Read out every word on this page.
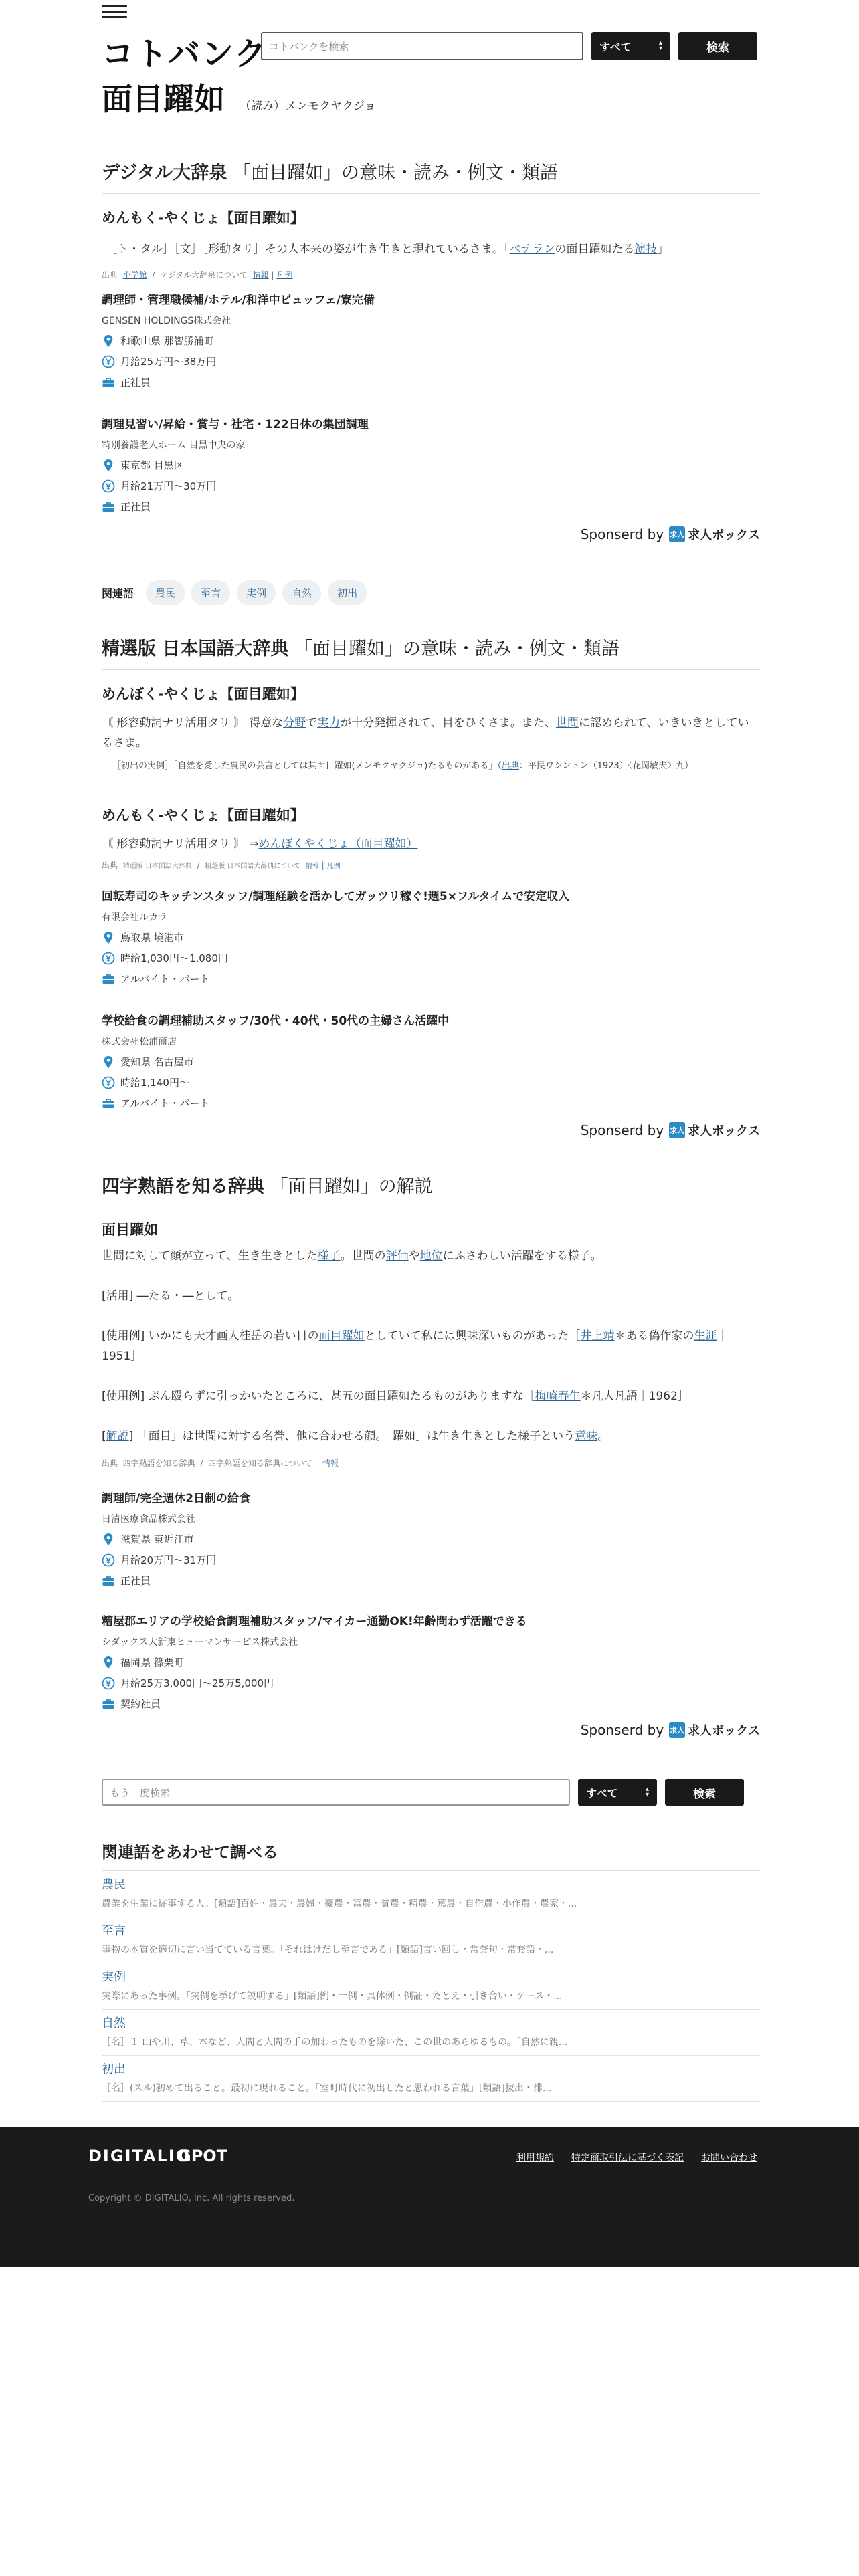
コトバンク コトバンクを検索	すべて	▴
▾	検索
面目躍如 （読み）メンモクヤクジョ
デジタル大辞泉 「面目躍如」の意味・読み・例文・類語
めんもく‐やくじょ【面目躍如】
［ト・タル］［文］［形動タリ］その人本来の姿が生き生きと現れているさま。「ベテランの面目躍如たる演技」
出典 小学館 / デジタル大辞泉について 情報 | 凡例
調理師・管理職候補/ホテル/和洋中ビュッフェ/寮完備
GENSEN HOLDINGS株式会社
和歌山県 那智勝浦町
月給25万円〜38万円
正社員
調理見習い/昇給・賞与・社宅・122日休の集団調理
特別養護老人ホーム 目黒中央の家
東京都 目黒区
月給21万円〜30万円
正社員
Sponserd by 求人 求人ボックス
関連語	農民	至言	実例	自然	初出
精選版 日本国語大辞典 「面目躍如」の意味・読み・例文・類語
めんぼく‐やくじょ【面目躍如】
〘 形容動詞ナリ活用タリ 〙 得意な分野で実力が十分発揮されて、目をひくさま。また、世間に認められて、いきいきとしているさま。
［初出の実例］「自然を愛した農民の芸言としては其面目躍如(メンモクヤクジョ)たるものがある」（出典：平民ワシントン（1923）〈花岡敏夫〉九）
めんもく‐やくじょ【面目躍如】
〘 形容動詞ナリ活用タリ 〙 ⇒めんぼくやくじょ（面目躍如）
出典 精選版 日本国語大辞典 / 精選版 日本国語大辞典について 情報 | 凡例
回転寿司のキッチンスタッフ/調理経験を活かしてガッツリ稼ぐ!週5×フルタイムで安定収入
有限会社ルカラ
鳥取県 境港市
時給1,030円〜1,080円
アルバイト・パート
学校給食の調理補助スタッフ/30代・40代・50代の主婦さん活躍中
株式会社松浦商店
愛知県 名古屋市
時給1,140円〜
アルバイト・パート
Sponserd by 求人 求人ボックス
四字熟語を知る辞典 「面目躍如」の解説
面目躍如
世間に対して顔が立って、生き生きとした様子。世間の評価や地位にふさわしい活躍をする様子。
[活用] ―たる・―として。
[使用例] いかにも天才画人桂岳の若い日の面目躍如としていて私には興味深いものがあった［井上靖＊ある偽作家の生涯｜1951］
[使用例] ぶん殴らずに引っかいたところに、甚五の面目躍如たるものがありますな［梅崎春生＊凡人凡語｜1962］
[解説] 「面目」は世間に対する名誉、他に合わせる顔。「躍如」は生き生きとした様子という意味。
出典 四字熟語を知る辞典 / 四字熟語を知る辞典について 情報
調理師/完全週休2日制の給食
日清医療食品株式会社
滋賀県 東近江市
月給20万円〜31万円
正社員
糟屋郡エリアの学校給食調理補助スタッフ/マイカー通勤OK!年齢問わず活躍できる
シダックス大新東ヒューマンサービス株式会社
福岡県 篠栗町
月給25万3,000円〜25万5,000円
契約社員
Sponserd by 求人 求人ボックス
もう一度検索	すべて	▴
▾	検索
関連語をあわせて調べる
農民
農業を生業に従事する人。[類語]百姓・農夫・農婦・豪農・富農・貧農・精農・篤農・自作農・小作農・農家・...
至言
事物の本質を適切に言い当てている言葉。「それはけだし至言である」[類語]言い回し・常套句・常套語・...
実例
実際にあった事例。「実例を挙げて説明する」[類語]例・一例・具体例・例証・たとえ・引き合い・ケース・...
自然
［名］１ 山や川、草、木など、人間と人間の手の加わったものを除いた、この世のあらゆるもの。「自然に親...
初出
［名］(スル)初めて出ること。最初に現れること。「室町時代に初出したと思われる言葉」[類語]抜出・排...
DIGITALIO
GPOT	利用規約 特定商取引法に基づく表記 お問い合わせ
Copyright © DIGITALIO, Inc. All rights reserved.
